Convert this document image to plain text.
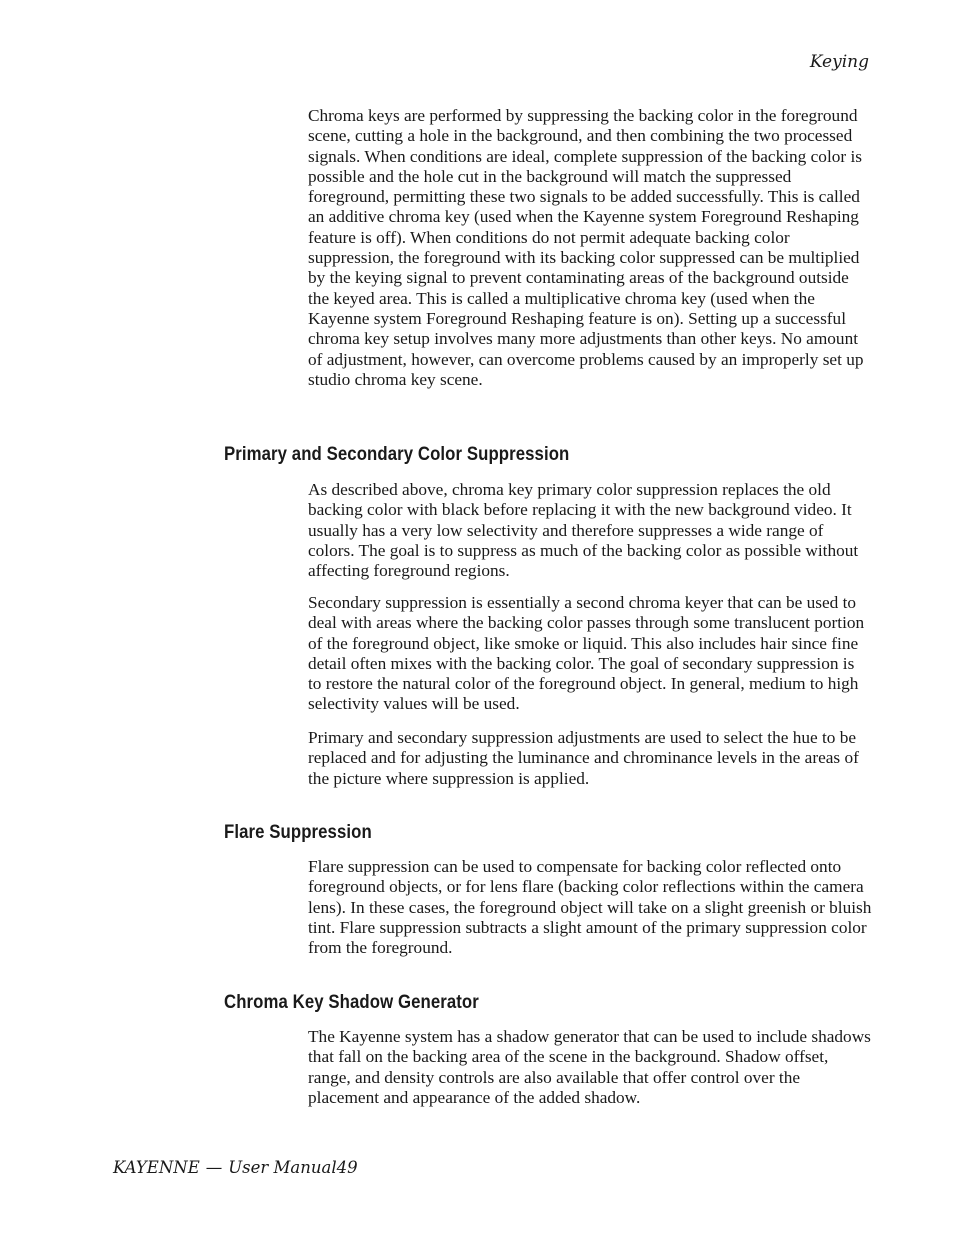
Keying

Chroma keys are performed by suppressing the backing color in the foreground scene, cutting a hole in the background, and then combining the two processed signals. When conditions are ideal, complete suppression of the backing color is possible and the hole cut in the background will match the suppressed foreground, permitting these two signals to be added successfully. This is called an additive chroma key (used when the Kayenne system Foreground Reshaping feature is off). When conditions do not permit adequate backing color suppression, the foreground with its backing color suppressed can be multiplied by the keying signal to prevent contaminating areas of the background outside the keyed area. This is called a multiplicative chroma key (used when the Kayenne system Foreground Reshaping feature is on). Setting up a successful chroma key setup involves many more adjustments than other keys. No amount of adjustment, however, can overcome problems caused by an improperly set up studio chroma key scene.

Primary and Secondary Color Suppression

As described above, chroma key primary color suppression replaces the old backing color with black before replacing it with the new background video. It usually has a very low selectivity and therefore suppresses a wide range of colors. The goal is to suppress as much of the backing color as possible without affecting foreground regions.

Secondary suppression is essentially a second chroma keyer that can be used to deal with areas where the backing color passes through some translucent portion of the foreground object, like smoke or liquid. This also includes hair since fine detail often mixes with the backing color. The goal of secondary suppression is to restore the natural color of the foreground object. In general, medium to high selectivity values will be used.

Primary and secondary suppression adjustments are used to select the hue to be replaced and for adjusting the luminance and chrominance levels in the areas of the picture where suppression is applied.

Flare Suppression

Flare suppression can be used to compensate for backing color reflected onto foreground objects, or for lens flare (backing color reflections within the camera lens). In these cases, the foreground object will take on a slight greenish or bluish tint. Flare suppression subtracts a slight amount of the primary suppression color from the foreground.

Chroma Key Shadow Generator

The Kayenne system has a shadow generator that can be used to include shadows that fall on the backing area of the scene in the background. Shadow offset, range, and density controls are also available that offer control over the placement and appearance of the added shadow.

KAYENNE — User Manual49
